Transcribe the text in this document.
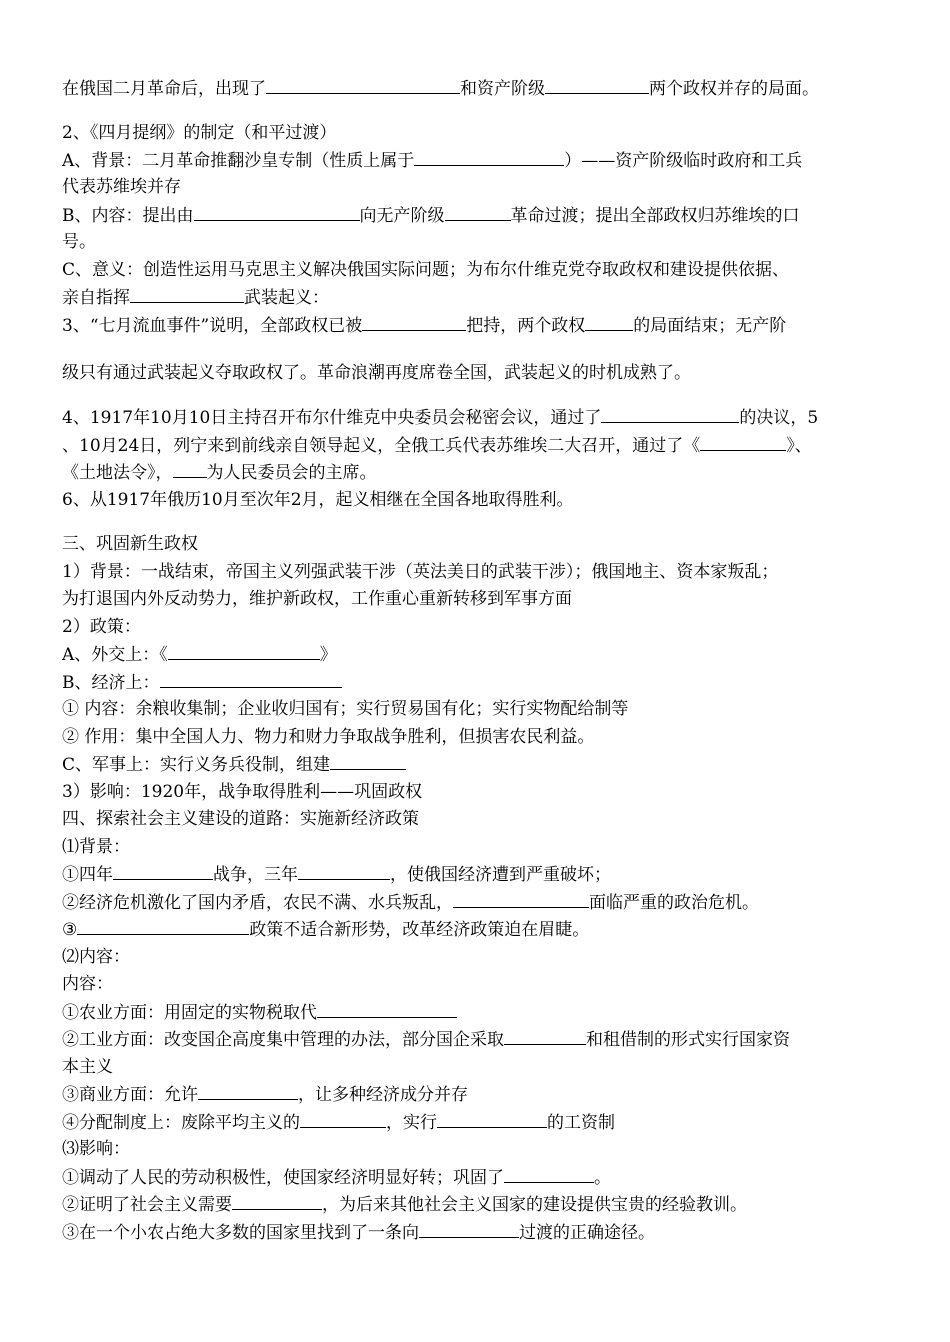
在俄国二月革命后，出现了	和资产阶级	两个政权并存的局面。
2、《四月提纲》的制定（和平过渡）
A、背景：二月革命推翻沙皇专制（性质上属于	）——资产阶级临时政府和工兵
代表苏维埃并存
B、内容：提出由	向无产阶级	革命过渡；提出全部政权归苏维埃的口
号。
C、意义：创造性运用马克思主义解决俄国实际问题；为布尔什维克党夺取政权和建设提供依据、
亲自指挥	武装起义：
3、“七月流血事件”说明，全部政权已被	把持，两个政权	的局面结束；无产阶
级只有通过武装起义夺取政权了。革命浪潮再度席卷全国，武装起义的时机成熟了。
4、1917年10月10日主持召开布尔什维克中央委员会秘密会议，通过了	的决议，5
、10月24日，列宁来到前线亲自领导起义，全俄工兵代表苏维埃二大召开，通过了《	》、
《土地法令》， 为人民委员会的主席。
6、从1917年俄历10月至次年2月，起义相继在全国各地取得胜利。
三、巩固新生政权
1）背景：一战结束，帝国主义列强武装干涉（英法美日的武装干涉）；俄国地主、资本家叛乱；
为打退国内外反动势力，维护新政权，工作重心重新转移到军事方面
2）政策：
A、外交上：《	》
B、经济上：
① 内容：余粮收集制；企业收归国有；实行贸易国有化；实行实物配给制等
② 作用：集中全国人力、物力和财力争取战争胜利，但损害农民利益。
C、军事上：实行义务兵役制，组建
3）影响：1920年，战争取得胜利——巩固政权
四、探索社会主义建设的道路：实施新经济政策
⑴背景：
①四年	战争，三年	，使俄国经济遭到严重破坏；
②经济危机激化了国内矛盾，农民不满、水兵叛乱，	面临严重的政治危机。
③	政策不适合新形势，改革经济政策迫在眉睫。
⑵内容：
内容：
①农业方面：用固定的实物税取代
②工业方面：改变国企高度集中管理的办法，部分国企采取	和租借制的形式实行国家资
本主义
③商业方面：允许	，让多种经济成分并存
④分配制度上：废除平均主义的	，实行	的工资制
⑶影响：
①调动了人民的劳动积极性，使国家经济明显好转；巩固了	。
②证明了社会主义需要	，为后来其他社会主义国家的建设提供宝贵的经验教训。
③在一个小农占绝大多数的国家里找到了一条向	过渡的正确途径。
